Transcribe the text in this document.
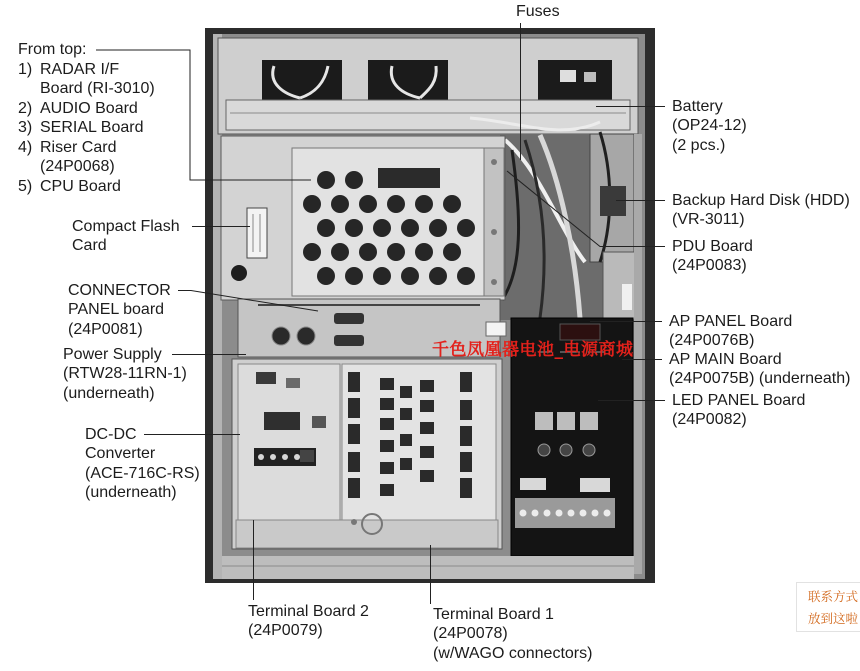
Fuses
From top:
1) RADAR I/F
Board (RI-3010)
2) AUDIO Board
3) SERIAL Board
4) Riser Card
(24P0068)
5) CPU Board
Compact Flash
Card
CONNECTOR
PANEL board
(24P0081)
Power Supply
(RTW28-11RN-1)
(underneath)
DC-DC
Converter
(ACE-716C-RS)
(underneath)
Battery
(OP24-12)
(2 pcs.)
Backup Hard Disk (HDD)
(VR-3011)
PDU Board
(24P0083)
AP PANEL Board
(24P0076B)
AP MAIN Board
(24P0075B) (underneath)
LED PANEL Board
(24P0082)
Terminal Board 2
(24P0079)
Terminal Board 1
(24P0078)
(w/WAGO connectors)
千色凤凰器电池_电源商城
联系方式
放到这啦
